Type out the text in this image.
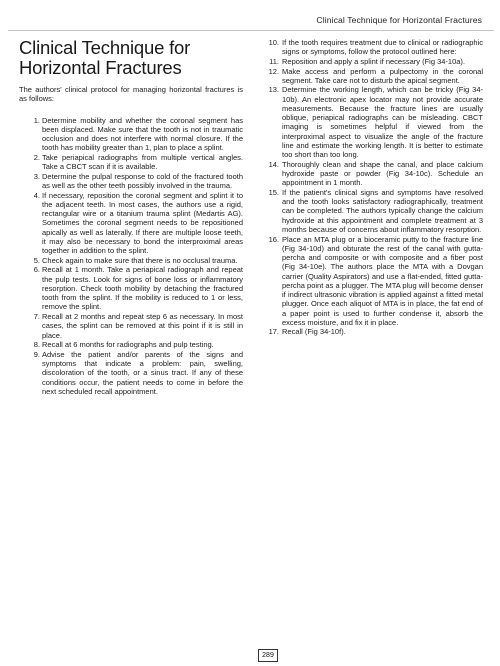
Clinical Technique for Horizontal Fractures
Clinical Technique for Horizontal Fractures

The authors' clinical protocol for managing horizontal fractures is as follows:

1. Determine mobility and whether the coronal segment has been displaced. Make sure that the tooth is not in traumatic occlusion and does not interfere with normal closure. If the tooth has mobility greater than 1, plan to place a splint.
2. Take periapical radiographs from multiple vertical angles. Take a CBCT scan if it is available.
3. Determine the pulpal response to cold of the fractured tooth as well as the other teeth possibly involved in the trauma.
4. If necessary, reposition the coronal segment and splint it to the adjacent teeth. In most cases, the authors use a rigid, rectangular wire or a titanium trauma splint (Medartis AG). Sometimes the coronal segment needs to be repositioned apically as well as laterally. If there are multiple loose teeth, it may also be necessary to bond the interproximal areas together in addition to the splint.
5. Check again to make sure that there is no occlusal trauma.
6. Recall at 1 month. Take a periapical radiograph and repeat the pulp tests. Look for signs of bone loss or inflammatory resorption. Check tooth mobility by detaching the fractured tooth from the splint. If the mobility is reduced to 1 or less, remove the splint.
7. Recall at 2 months and repeat step 6 as necessary. In most cases, the splint can be removed at this point if it is still in place.
8. Recall at 6 months for radiographs and pulp testing.
9. Advise the patient and/or parents of the signs and symptoms that indicate a problem: pain, swelling, discoloration of the tooth, or a sinus tract. If any of these conditions occur, the patient needs to come in before the next scheduled recall appointment.
10. If the tooth requires treatment due to clinical or radiographic signs or symptoms, follow the protocol outlined here:
11. Reposition and apply a splint if necessary (Fig 34-10a).
12. Make access and perform a pulpectomy in the coronal segment. Take care not to disturb the apical segment.
13. Determine the working length, which can be tricky (Fig 34-10b). An electronic apex locator may not provide accurate measurements. Because the fracture lines are usually oblique, periapical radiographs can be misleading. CBCT imaging is sometimes helpful if viewed from the interproximal aspect to visualize the angle of the fracture line and estimate the working length. It is better to estimate too short than too long.
14. Thoroughly clean and shape the canal, and place calcium hydroxide paste or powder (Fig 34-10c). Schedule an appointment in 1 month.
15. If the patient's clinical signs and symptoms have resolved and the tooth looks satisfactory radiographically, treatment can be completed. The authors typically change the calcium hydroxide at this appointment and complete treatment at 3 months because of concerns about inflammatory resorption.
16. Place an MTA plug or a bioceramic putty to the fracture line (Fig 34-10d) and obturate the rest of the canal with gutta-percha and composite or with composite and a fiber post (Fig 34-10e). The authors place the MTA with a Dovgan carrier (Quality Aspirators) and use a flat-ended, fitted gutta-percha point as a plugger. The MTA plug will become denser if indirect ultrasonic vibration is applied against a fitted metal plugger. Once each aliquot of MTA is in place, the fat end of a paper point is used to further condense it, absorb the excess moisture, and fix it in place.
17. Recall (Fig 34-10f).
289
